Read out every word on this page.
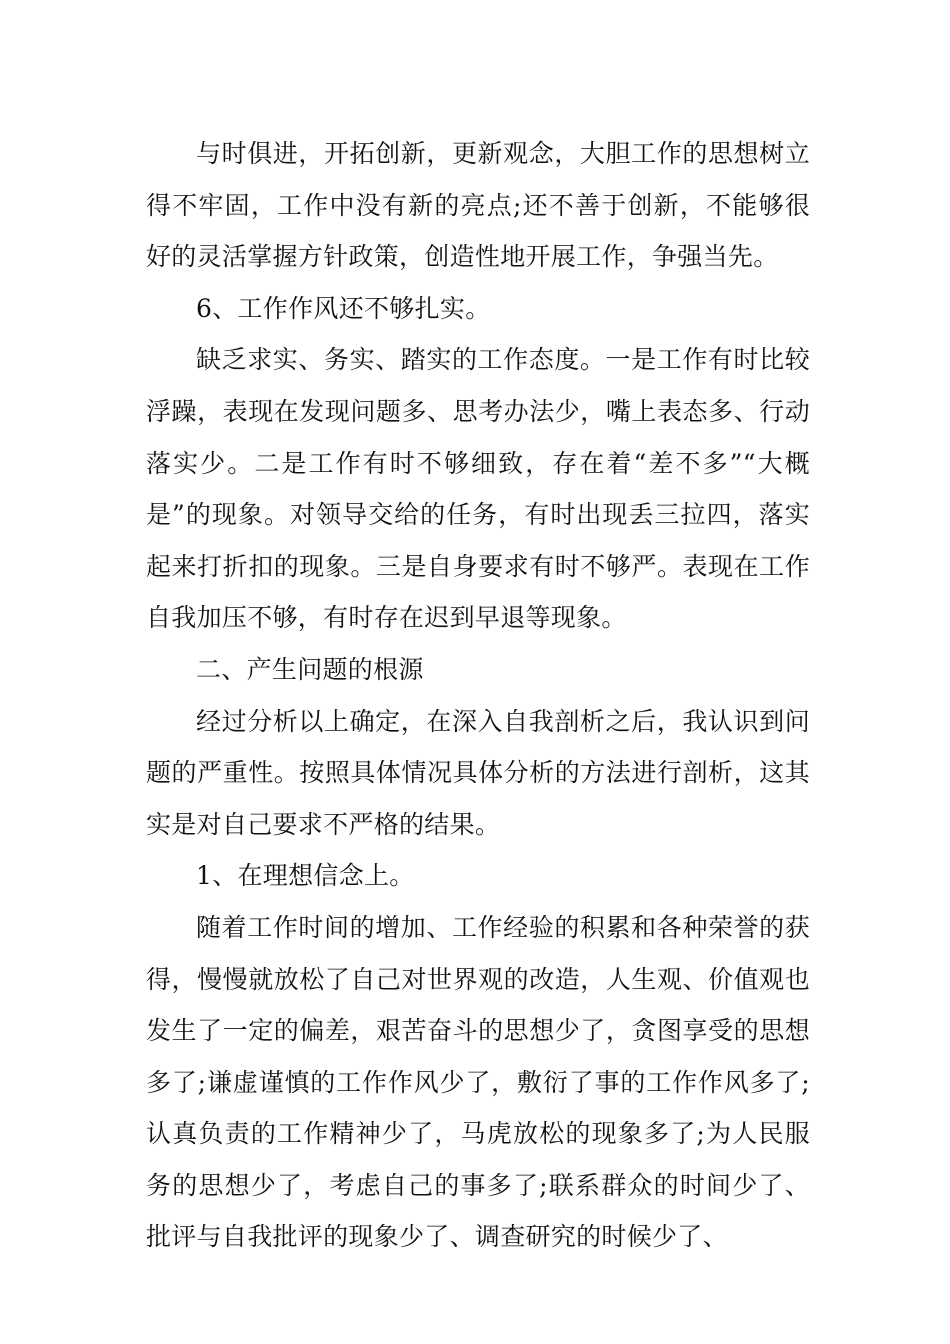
与时俱进，开拓创新，更新观念，大胆工作的思想树立得不牢固，工作中没有新的亮点;还不善于创新，不能够很好的灵活掌握方针政策，创造性地开展工作，争强当先。

6、工作作风还不够扎实。

缺乏求实、务实、踏实的工作态度。一是工作有时比较浮躁，表现在发现问题多、思考办法少，嘴上表态多、行动落实少。二是工作有时不够细致，存在着“差不多”“大概是”的现象。对领导交给的任务，有时出现丢三拉四，落实起来打折扣的现象。三是自身要求有时不够严。表现在工作自我加压不够，有时存在迟到早退等现象。

二、产生问题的根源

经过分析以上确定，在深入自我剖析之后，我认识到问题的严重性。按照具体情况具体分析的方法进行剖析，这其实是对自己要求不严格的结果。

1、在理想信念上。

随着工作时间的增加、工作经验的积累和各种荣誉的获得，慢慢就放松了自己对世界观的改造，人生观、价值观也发生了一定的偏差，艰苦奋斗的思想少了，贪图享受的思想多了;谦虚谨慎的工作作风少了，敷衍了事的工作作风多了;认真负责的工作精神少了，马虎放松的现象多了;为人民服务的思想少了，考虑自己的事多了;联系群众的时间少了、批评与自我批评的现象少了、调查研究的时候少了、
